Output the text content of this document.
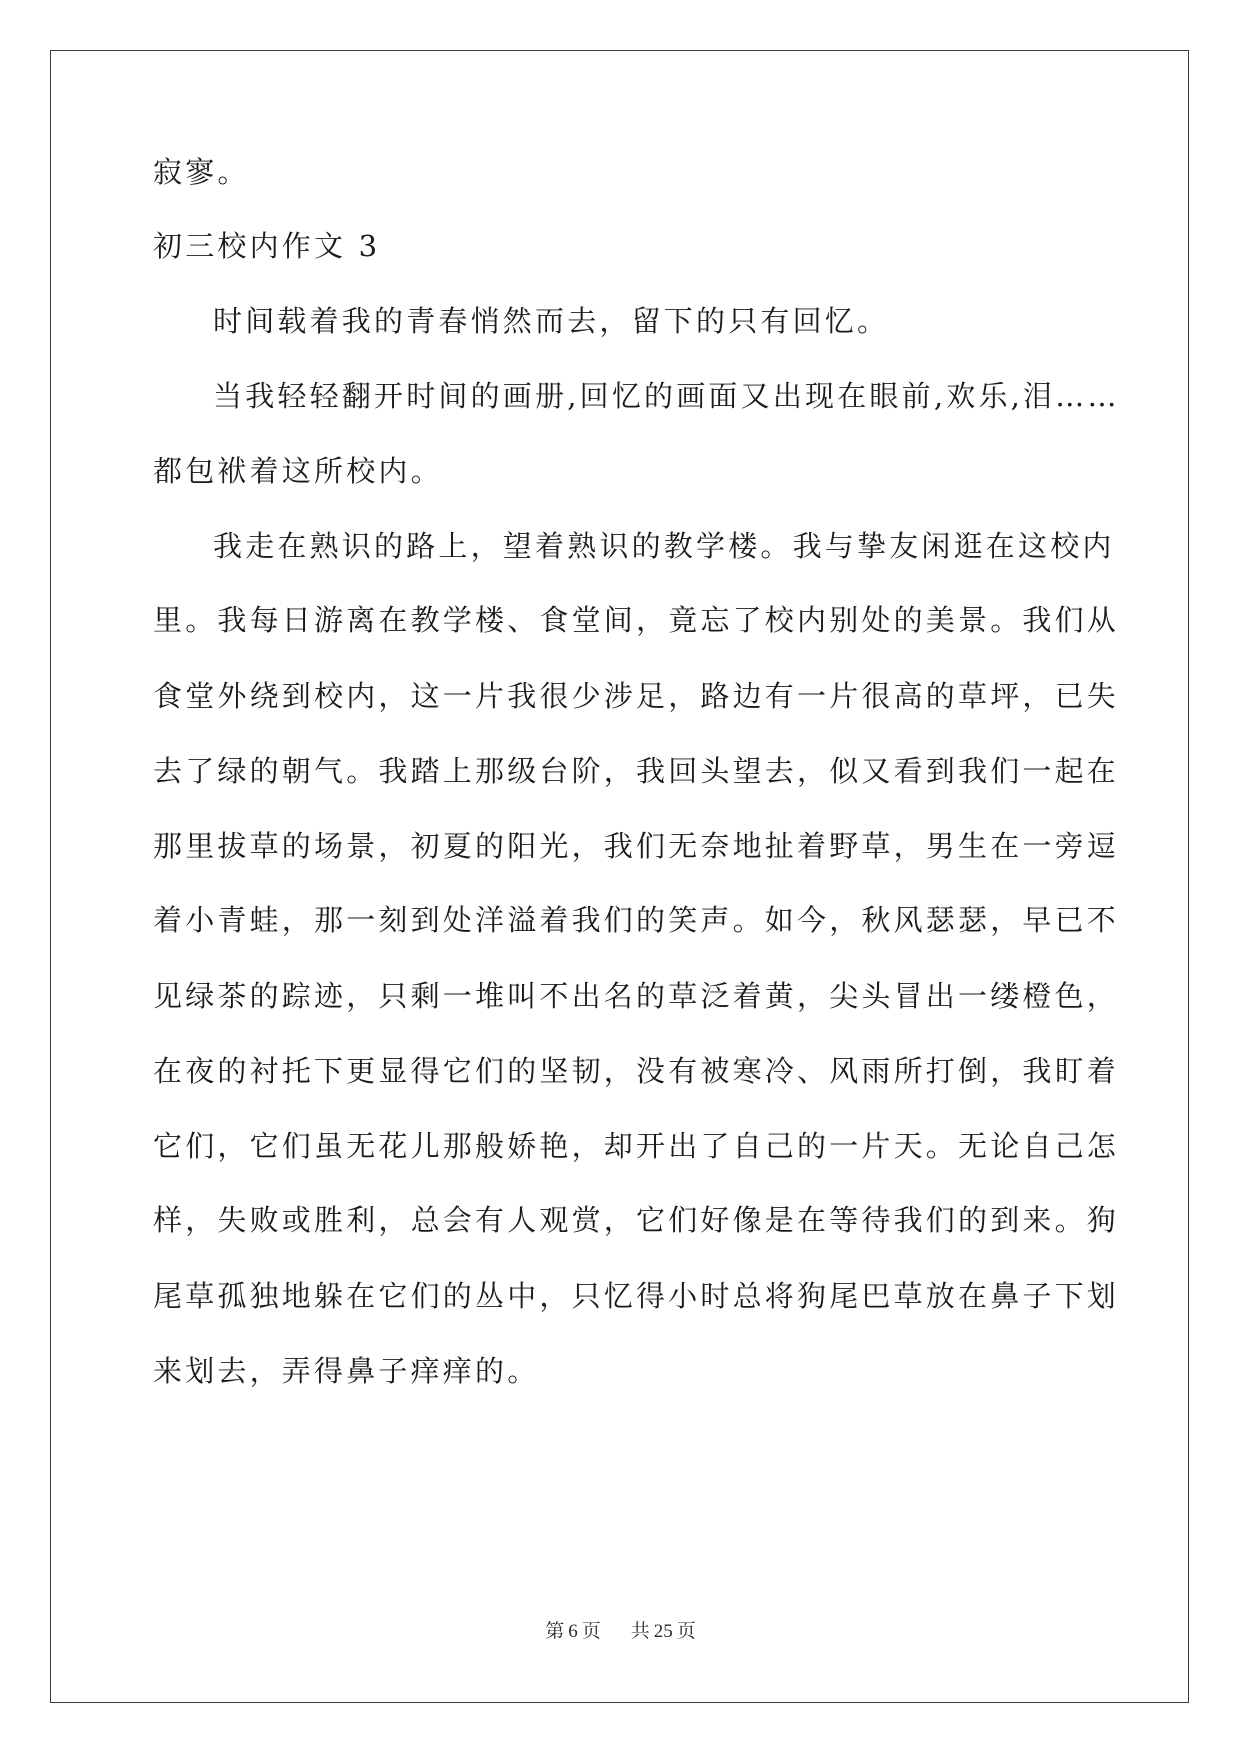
寂寥。

初三校内作文 3

时间载着我的青春悄然而去，留下的只有回忆。

当我轻轻翻开时间的画册,回忆的画面又出现在眼前,欢乐,泪……

都包袱着这所校内。

我走在熟识的路上，望着熟识的教学楼。我与挚友闲逛在这校内

里。我每日游离在教学楼、食堂间，竟忘了校内别处的美景。我们从

食堂外绕到校内，这一片我很少涉足，路边有一片很高的草坪，已失

去了绿的朝气。我踏上那级台阶，我回头望去，似又看到我们一起在

那里拔草的场景，初夏的阳光，我们无奈地扯着野草，男生在一旁逗

着小青蛙，那一刻到处洋溢着我们的笑声。如今，秋风瑟瑟，早已不

见绿茶的踪迹，只剩一堆叫不出名的草泛着黄，尖头冒出一缕橙色，

在夜的衬托下更显得它们的坚韧，没有被寒冷、风雨所打倒，我盯着

它们，它们虽无花儿那般娇艳，却开出了自己的一片天。无论自己怎

样，失败或胜利，总会有人观赏，它们好像是在等待我们的到来。狗

尾草孤独地躲在它们的丛中，只忆得小时总将狗尾巴草放在鼻子下划

来划去，弄得鼻子痒痒的。

第 6 页 共 25 页
